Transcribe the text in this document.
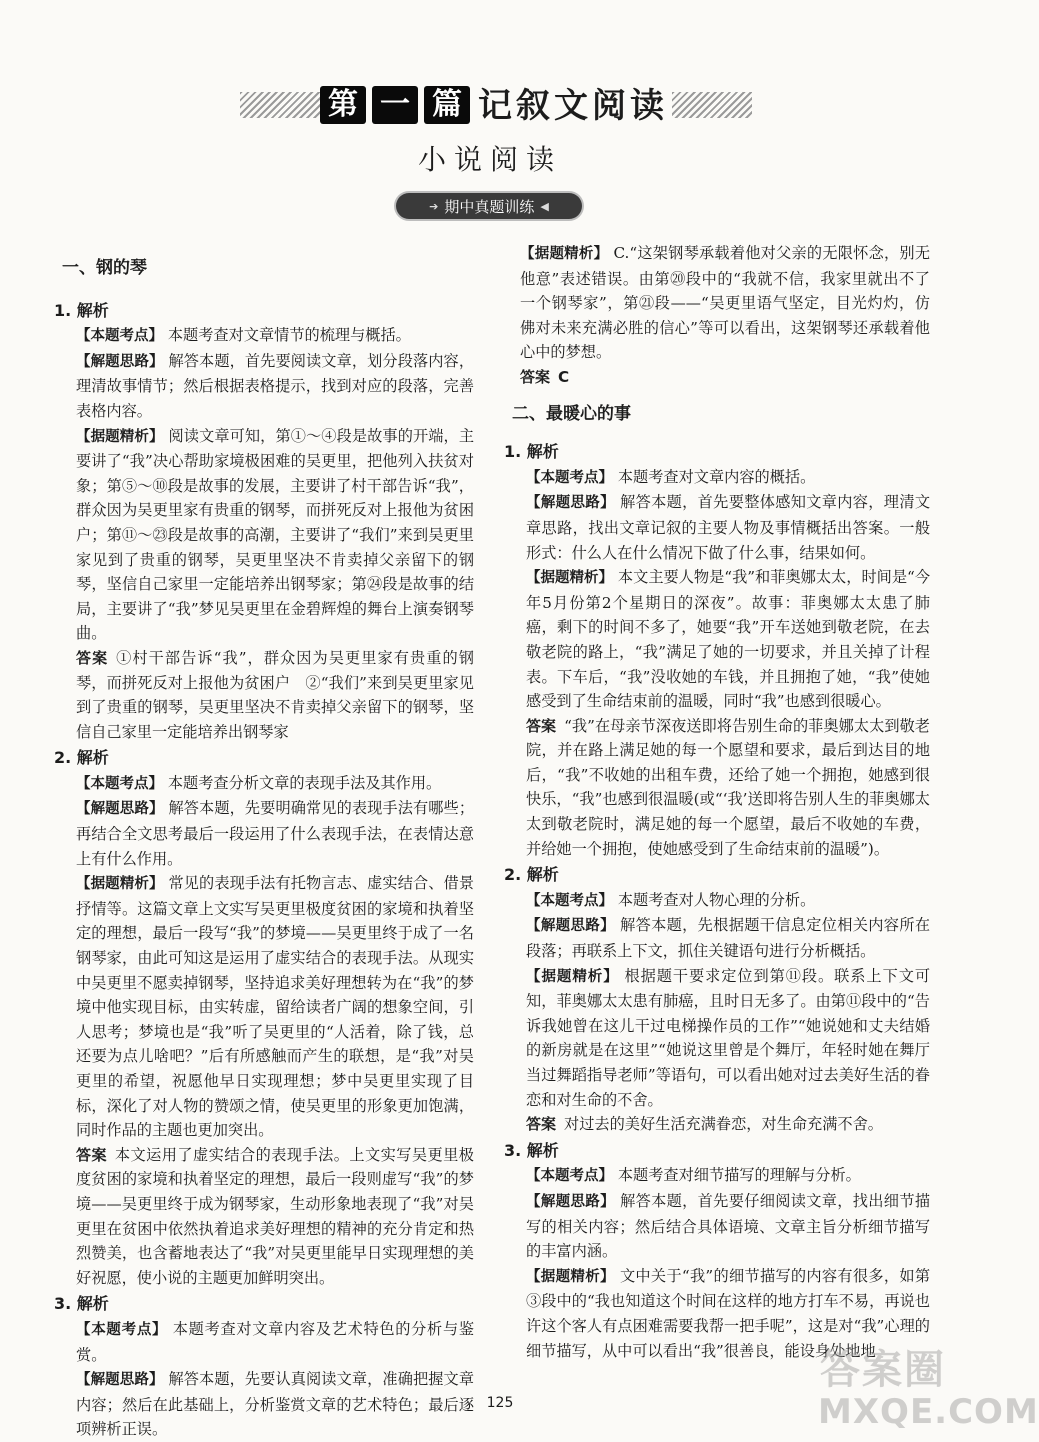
第 一 篇 记叙文阅读
小说阅读
➔ 期中真题训练 ◀

一、钢的琴

1. 解析

【本题考点】 本题考查对文章情节的梳理与概括。

【解题思路】 解答本题，首先要阅读文章，划分段落内容，理清故事情节；然后根据表格提示，找到对应的段落，完善表格内容。

【据题精析】 阅读文章可知，第①～④段是故事的开端，主要讲了“我”决心帮助家境极困难的吴更里，把他列入扶贫对象；第⑤～⑩段是故事的发展，主要讲了村干部告诉“我”，群众因为吴更里家有贵重的钢琴，而拼死反对上报他为贫困户；第⑪～㉓段是故事的高潮，主要讲了“我们”来到吴更里家见到了贵重的钢琴，吴更里坚决不肯卖掉父亲留下的钢琴，坚信自己家里一定能培养出钢琴家；第㉔段是故事的结局，主要讲了“我”梦见吴更里在金碧辉煌的舞台上演奏钢琴曲。

答案 ①村干部告诉“我”，群众因为吴更里家有贵重的钢琴，而拼死反对上报他为贫困户　②“我们”来到吴更里家见到了贵重的钢琴，吴更里坚决不肯卖掉父亲留下的钢琴，坚信自己家里一定能培养出钢琴家

2. 解析

【本题考点】 本题考查分析文章的表现手法及其作用。

【解题思路】 解答本题，先要明确常见的表现手法有哪些；再结合全文思考最后一段运用了什么表现手法，在表情达意上有什么作用。

【据题精析】 常见的表现手法有托物言志、虚实结合、借景抒情等。这篇文章上文实写吴更里极度贫困的家境和执着坚定的理想，最后一段写“我”的梦境——吴更里终于成了一名钢琴家，由此可知这是运用了虚实结合的表现手法。从现实中吴更里不愿卖掉钢琴，坚持追求美好理想转为在“我”的梦境中他实现目标，由实转虚，留给读者广阔的想象空间，引人思考；梦境也是“我”听了吴更里的“人活着，除了钱，总还要为点儿啥吧？”后有所感触而产生的联想，是“我”对吴更里的希望，祝愿他早日实现理想；梦中吴更里实现了目标，深化了对人物的赞颂之情，使吴更里的形象更加饱满，同时作品的主题也更加突出。

答案 本文运用了虚实结合的表现手法。上文实写吴更里极度贫困的家境和执着坚定的理想，最后一段则虚写“我”的梦境——吴更里终于成为钢琴家，生动形象地表现了“我”对吴更里在贫困中依然执着追求美好理想的精神的充分肯定和热烈赞美，也含蓄地表达了“我”对吴更里能早日实现理想的美好祝愿，使小说的主题更加鲜明突出。

3. 解析

【本题考点】 本题考查对文章内容及艺术特色的分析与鉴赏。

【解题思路】 解答本题，先要认真阅读文章，准确把握文章内容；然后在此基础上，分析鉴赏文章的艺术特色；最后逐项辨析正误。

【据题精析】 C.“这架钢琴承载着他对父亲的无限怀念，别无他意”表述错误。由第⑳段中的“我就不信，我家里就出不了一个钢琴家”，第㉑段——“吴更里语气坚定，目光灼灼，仿佛对未来充满必胜的信心”等可以看出，这架钢琴还承载着他心中的梦想。

答案 C

二、最暖心的事

1. 解析

【本题考点】 本题考查对文章内容的概括。

【解题思路】 解答本题，首先要整体感知文章内容，理清文章思路，找出文章记叙的主要人物及事情概括出答案。一般形式：什么人在什么情况下做了什么事，结果如何。

【据题精析】 本文主要人物是“我”和菲奥娜太太，时间是“今年5月份第2个星期日的深夜”。故事：菲奥娜太太患了肺癌，剩下的时间不多了，她要“我”开车送她到敬老院，在去敬老院的路上，“我”满足了她的一切要求，并且关掉了计程表。下车后，“我”没收她的车钱，并且拥抱了她，“我”使她感受到了生命结束前的温暖，同时“我”也感到很暖心。

答案 “我”在母亲节深夜送即将告别生命的菲奥娜太太到敬老院，并在路上满足她的每一个愿望和要求，最后到达目的地后，“我”不收她的出租车费，还给了她一个拥抱，她感到很快乐，“我”也感到很温暖(或“‘我’送即将告别人生的菲奥娜太太到敬老院时，满足她的每一个愿望，最后不收她的车费，并给她一个拥抱，使她感受到了生命结束前的温暖”)。

2. 解析

【本题考点】 本题考查对人物心理的分析。

【解题思路】 解答本题，先根据题干信息定位相关内容所在段落；再联系上下文，抓住关键语句进行分析概括。

【据题精析】 根据题干要求定位到第⑪段。联系上下文可知，菲奥娜太太患有肺癌，且时日无多了。由第⑪段中的“告诉我她曾在这儿干过电梯操作员的工作”“她说她和丈夫结婚的新房就是在这里”“她说这里曾是个舞厅，年轻时她在舞厅当过舞蹈指导老师”等语句，可以看出她对过去美好生活的眷恋和对生命的不舍。

答案 对过去的美好生活充满眷恋，对生命充满不舍。

3. 解析

【本题考点】 本题考查对细节描写的理解与分析。

【解题思路】 解答本题，首先要仔细阅读文章，找出细节描写的相关内容；然后结合具体语境、文章主旨分析细节描写的丰富内涵。

【据题精析】 文中关于“我”的细节描写的内容有很多，如第③段中的“我也知道这个时间在这样的地方打车不易，再说也许这个客人有点困难需要我帮一把手呢”，这是对“我”心理的细节描写，从中可以看出“我”很善良，能设身处地地

125
答案圈
MXQE.COM
